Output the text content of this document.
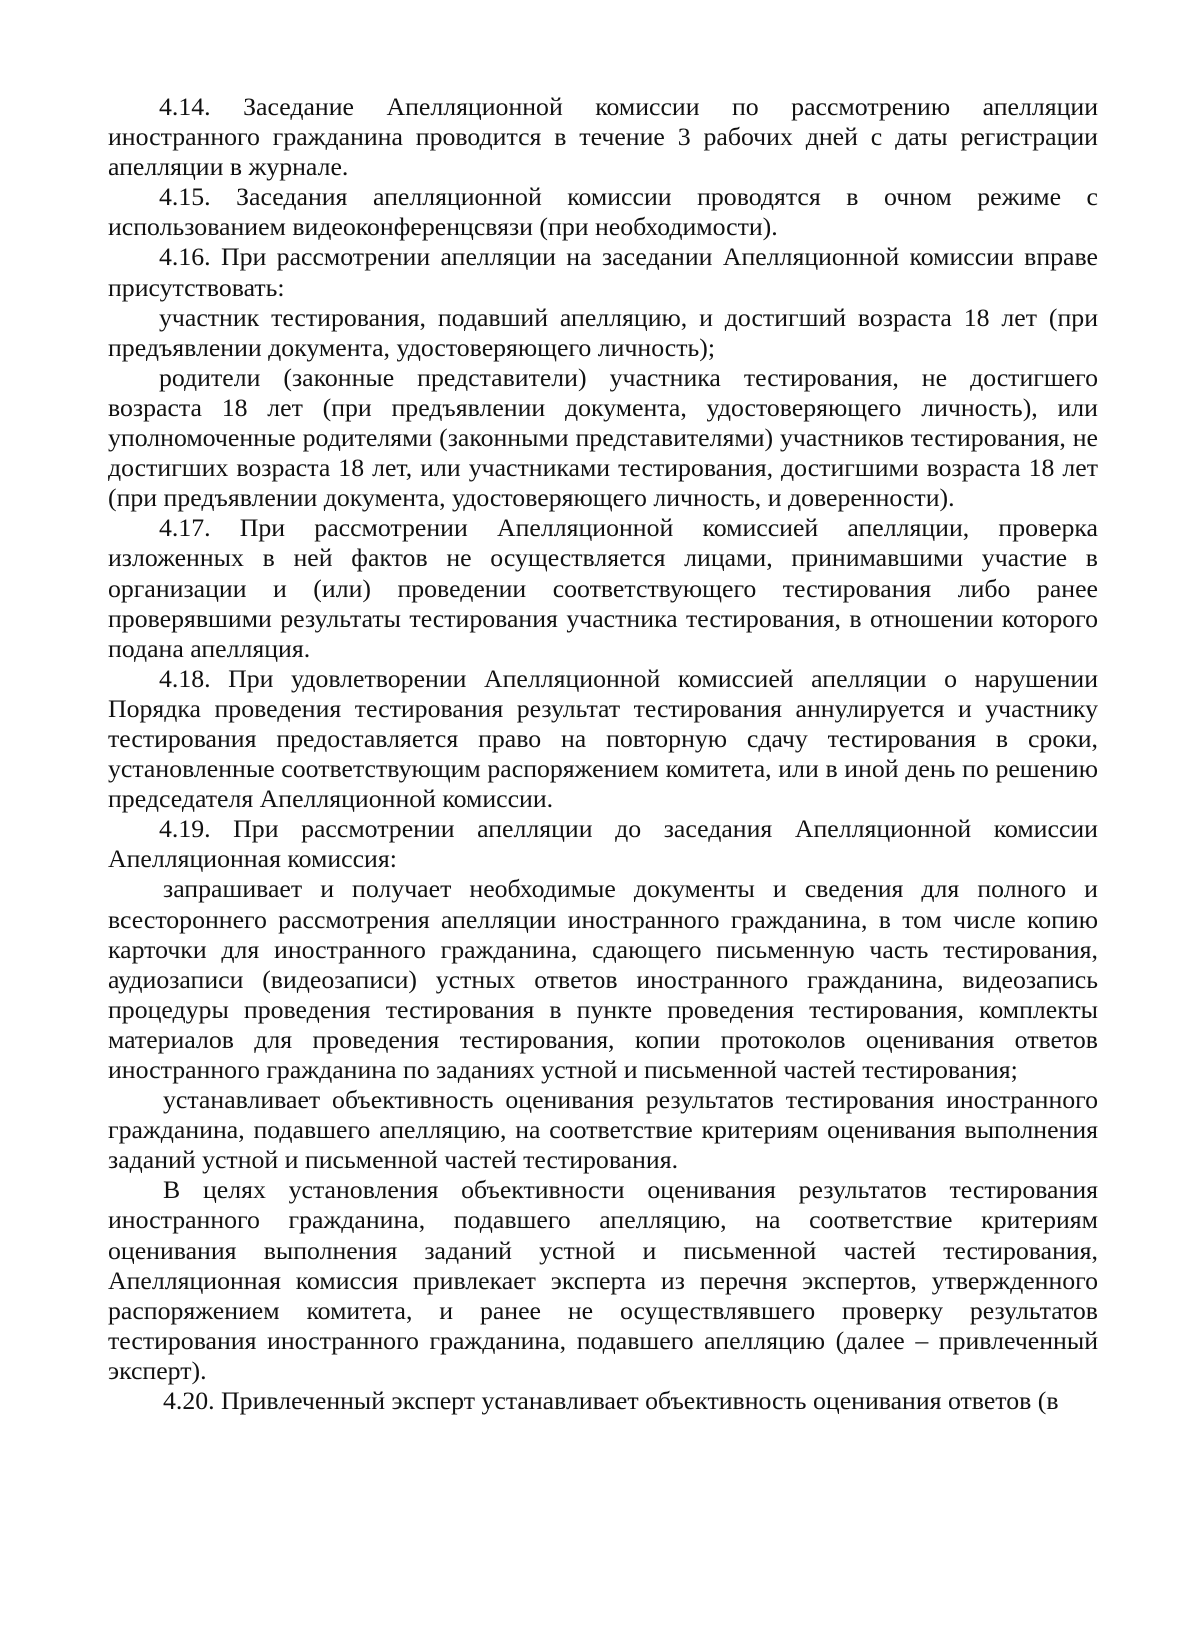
4.14. Заседание Апелляционной комиссии по рассмотрению апелляции иностранного гражданина проводится в течение 3 рабочих дней с даты регистрации апелляции в журнале.

4.15. Заседания апелляционной комиссии проводятся в очном режиме с использованием видеоконференцсвязи (при необходимости).

4.16. При рассмотрении апелляции на заседании Апелляционной комиссии вправе присутствовать:

участник тестирования, подавший апелляцию, и достигший возраста 18 лет (при предъявлении документа, удостоверяющего личность);

родители (законные представители) участника тестирования, не достигшего возраста 18 лет (при предъявлении документа, удостоверяющего личность), или уполномоченные родителями (законными представителями) участников тестирования, не достигших возраста 18 лет, или участниками тестирования, достигшими возраста 18 лет (при предъявлении документа, удостоверяющего личность, и доверенности).

4.17. При рассмотрении Апелляционной комиссией апелляции, проверка изложенных в ней фактов не осуществляется лицами, принимавшими участие в организации и (или) проведении соответствующего тестирования либо ранее проверявшими результаты тестирования участника тестирования, в отношении которого подана апелляция.

4.18. При удовлетворении Апелляционной комиссией апелляции о нарушении Порядка проведения тестирования результат тестирования аннулируется и участнику тестирования предоставляется право на повторную сдачу тестирования в сроки, установленные соответствующим распоряжением комитета, или в иной день по решению председателя Апелляционной комиссии.

4.19. При рассмотрении апелляции до заседания Апелляционной комиссии Апелляционная комиссия:

запрашивает и получает необходимые документы и сведения для полного и всестороннего рассмотрения апелляции иностранного гражданина, в том числе копию карточки для иностранного гражданина, сдающего письменную часть тестирования, аудиозаписи (видеозаписи) устных ответов иностранного гражданина, видеозапись процедуры проведения тестирования в пункте проведения тестирования, комплекты материалов для проведения тестирования, копии протоколов оценивания ответов иностранного гражданина по заданиях устной и письменной частей тестирования;

устанавливает объективность оценивания результатов тестирования иностранного гражданина, подавшего апелляцию, на соответствие критериям оценивания выполнения заданий устной и письменной частей тестирования.

В целях установления объективности оценивания результатов тестирования иностранного гражданина, подавшего апелляцию, на соответствие критериям оценивания выполнения заданий устной и письменной частей тестирования, Апелляционная комиссия привлекает эксперта из перечня экспертов, утвержденного распоряжением комитета, и ранее не осуществлявшего проверку результатов тестирования иностранного гражданина, подавшего апелляцию (далее – привлеченный эксперт).

4.20. Привлеченный эксперт устанавливает объективность оценивания ответов (в
